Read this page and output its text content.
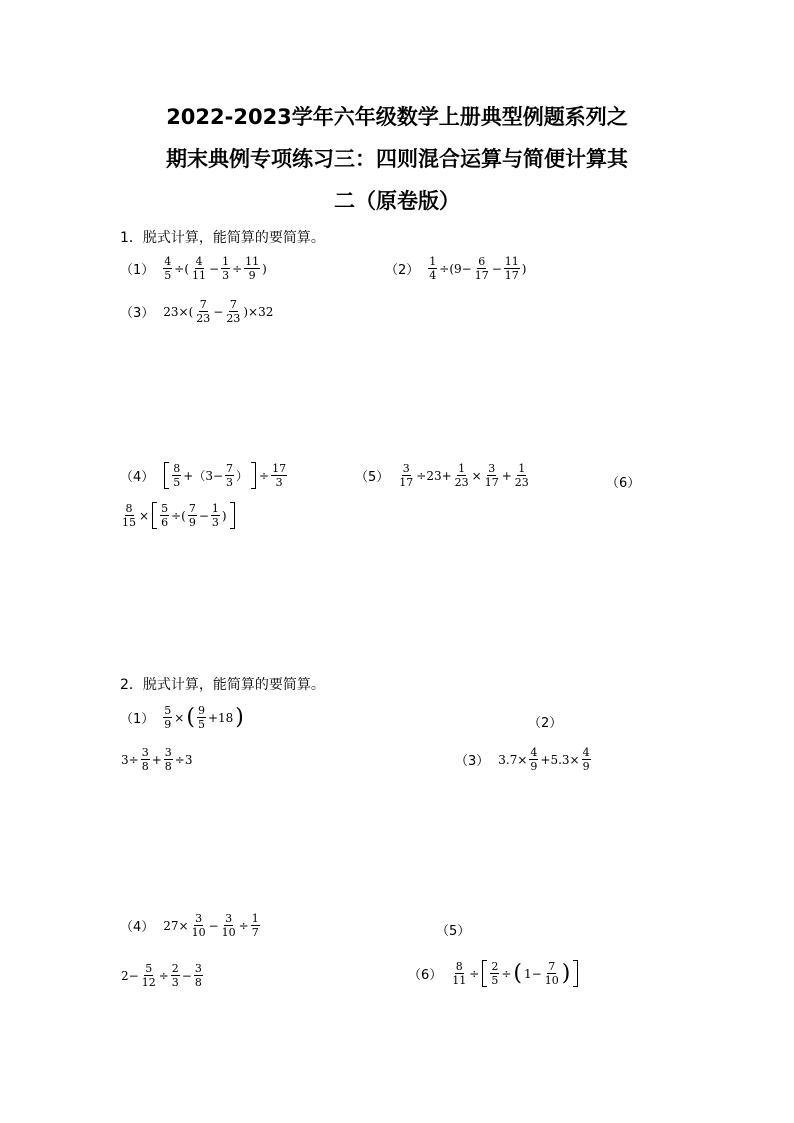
2022-2023学年六年级数学上册典型例题系列之
期末典例专项练习三：四则混合运算与简便计算其
二（原卷版）
1．脱式计算，能简算的要简算。
$(1) \frac{4}{5}$ ÷( $\frac{4}{11} - \frac{1}{3} \div \frac{11}{9}$ )	$(2) \frac{1}{4} \div(9- \frac{6}{17} - \frac{11}{17}$ )
（3） $23\times( \frac{7}{23} - \frac{7}{23} )\times 32$
$(4) \frac{8}{5} +(3- \frac{7}{3}$ ） ÷ $\frac{17}{3}$	$(5) \frac{3}{17} \div 23+ \frac{1}{23} \times \frac{3}{17} + \frac{1}{23}$	（6）
$\frac{8}{15} \times \frac{5}{6}$ ÷( $\frac{7}{9} - \frac{1}{3}$ )
2．脱式计算，能简算的要简算。
$(1) \frac{5}{9}$ × ( $\frac{9}{5} +18$ )	（2）
$3\div \frac{3}{8} + \frac{3}{8} \div 3$	（3） $3.7\times \frac{4}{9} +5.3\times \frac{4}{9}$
（4） $27\times \frac{3}{10} - \frac{3}{10} \div \frac{1}{7}$	（5）
$2- \frac{5}{12} \div \frac{2}{3} - \frac{3}{8}$	$(6) \frac{8}{11} \div \frac{2}{5}$ ÷ ( $1- \frac{7}{10}$ )
